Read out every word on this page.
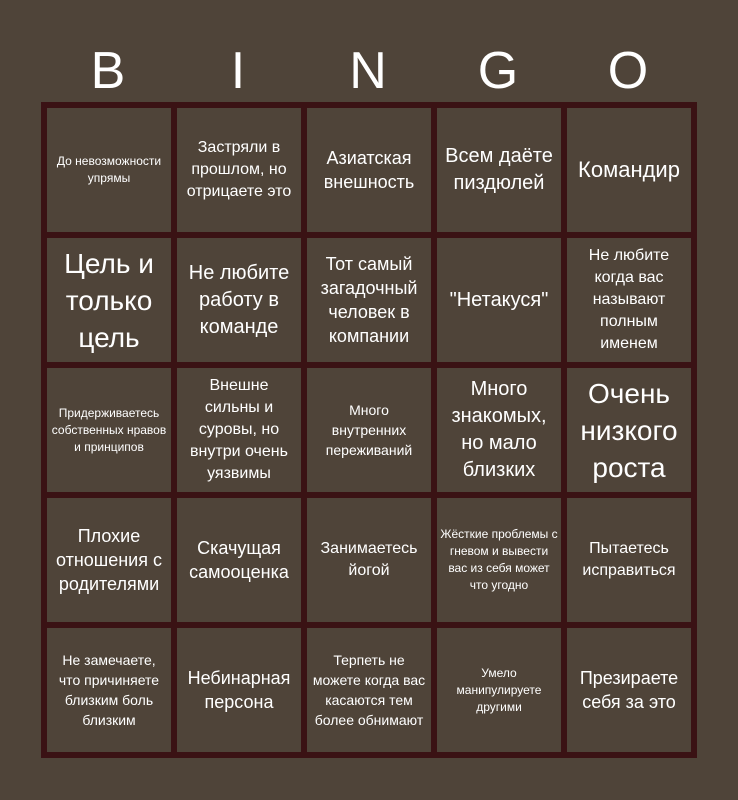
B	I	N	G	O
До невозможности упрямы
Застряли в прошлом, но отрицаете это
Азиатская внешность
Всем даёте пиздюлей
Командир
Цель и только цель
Не любите работу в команде
Тот самый загадочный человек в компании
"Нетакуся"
Не любите когда вас называют полным именем
Придерживаетесь собственных нравов и принципов
Внешне сильны и суровы, но внутри очень уязвимы
Много внутренних переживаний
Много знакомых, но мало близких
Очень низкого роста
Плохие отношения с родителями
Скачущая самооценка
Занимаетесь йогой
Жёсткие проблемы с гневом и вывести вас из себя может что угодно
Пытаетесь исправиться
Не замечаете, что причиняете близким боль близким
Небинарная персона
Терпеть не можете когда вас касаются тем более обнимают
Умело манипулируете другими
Презираете себя за это
